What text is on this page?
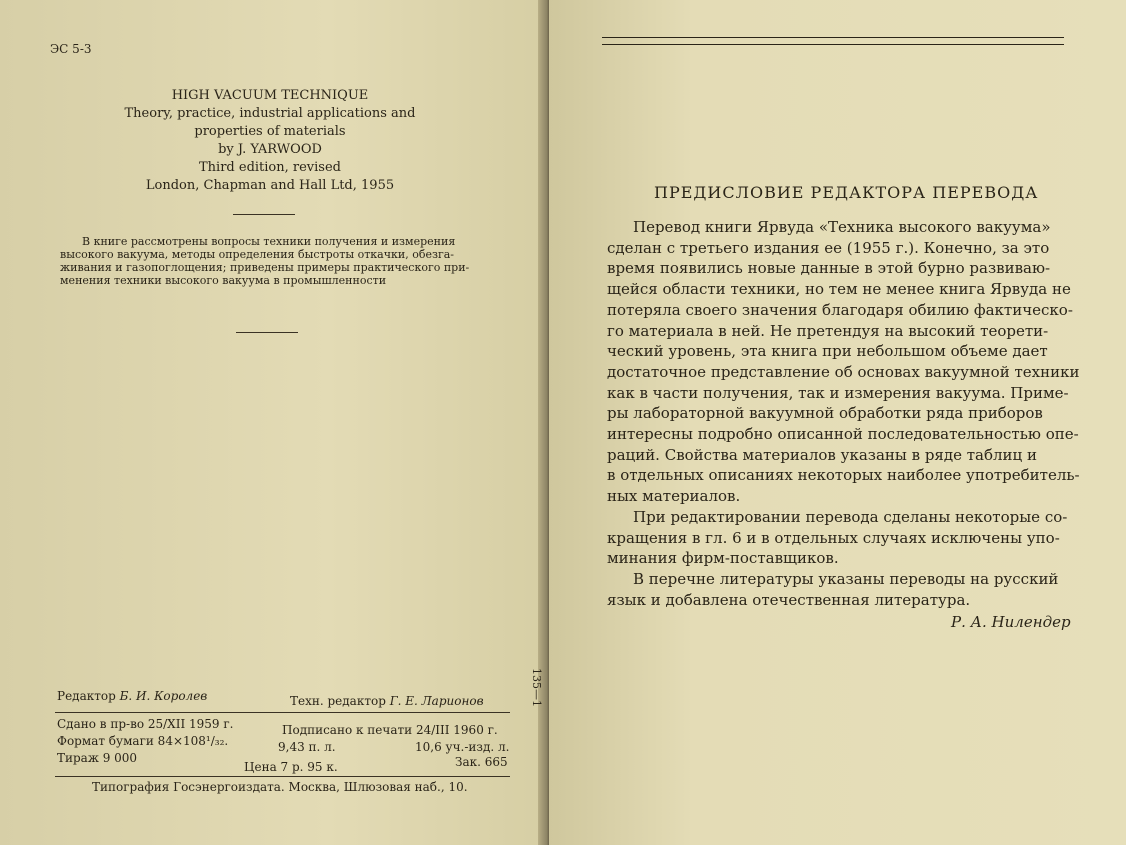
ЭС 5-3
HIGH VACUUM TECHNIQUE
Theory, practice, industrial applications and
properties of materials
by J. YARWOOD
Third edition, revised
London, Chapman and Hall Ltd, 1955
В книге рассмотрены вопросы техники получения и измерения
высокого вакуума, методы определения быстроты откачки, обезга-
живания и газопоглощения; приведены примеры практического при-
менения техники высокого вакуума в промышленности
Редактор Б. И. Королев	Техн. редактор Г. Е. Ларионов
Сдано в пр-во 25/XII 1959 г.	Подписано к печати 24/III 1960 г.
Формат бумаги 84×108¹/₃₂.	9,43 п. л.	10,6 уч.-изд. л.
Тираж 9 000
Цена 7 р. 95 к.	Зак. 665
Типография Госэнергоиздата. Москва, Шлюзовая наб., 10.
ПРЕДИСЛОВИЕ РЕДАКТОРА ПЕРЕВОДА
Перевод книги Ярвуда «Техника высокого вакуума»
сделан с третьего издания ее (1955 г.). Конечно, за это
время появились новые данные в этой бурно развиваю-
щейся области техники, но тем не менее книга Ярвуда не
потеряла своего значения благодаря обилию фактическо-
го материала в ней. Не претендуя на высокий теорети-
ческий уровень, эта книга при небольшом объеме дает
достаточное представление об основах вакуумной техники
как в части получения, так и измерения вакуума. Приме-
ры лабораторной вакуумной обработки ряда приборов
интересны подробно описанной последовательностью опе-
раций. Свойства материалов указаны в ряде таблиц и
в отдельных описаниях некоторых наиболее употребитель-
ных материалов.
При редактировании перевода сделаны некоторые со-
кращения в гл. 6 и в отдельных случаях исключены упо-
минания фирм-поставщиков.
В перечне литературы указаны переводы на русский
язык и добавлена отечественная литература.
Р. А. Нилендер
135—1
